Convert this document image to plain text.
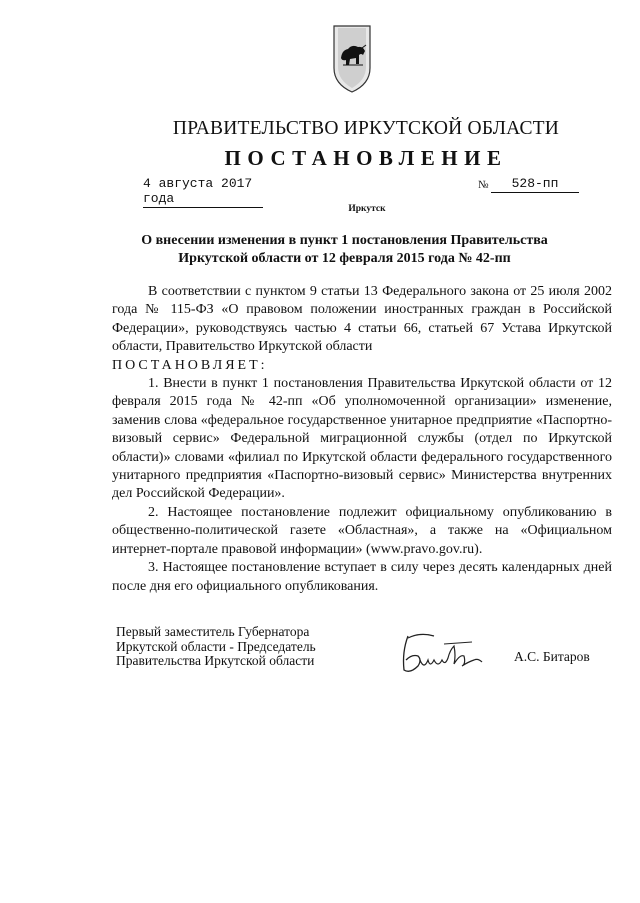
ПРАВИТЕЛЬСТВО ИРКУТСКОЙ ОБЛАСТИ
ПОСТАНОВЛЕНИЕ
4 августа 2017 года
№	528-пп
Иркутск
О внесении изменения в пункт 1 постановления Правительства
Иркутской области от 12 февраля 2015 года № 42-пп

В соответствии с пунктом 9 статьи 13 Федерального закона от 25 июля 2002 года № 115-ФЗ «О правовом положении иностранных граждан в Российской Федерации», руководствуясь частью 4 статьи 66, статьей 67 Устава Иркутской области, Правительство Иркутской области

ПОСТАНОВЛЯЕТ:

1. Внести в пункт 1 постановления Правительства Иркутской области от 12 февраля 2015 года № 42-пп «Об уполномоченной организации» изменение, заменив слова «федеральное государственное унитарное предприятие «Паспортно-визовый сервис» Федеральной миграционной службы (отдел по Иркутской области)» словами «филиал по Иркутской области федерального государственного унитарного предприятия «Паспортно-визовый сервис» Министерства внутренних дел Российской Федерации».

2. Настоящее постановление подлежит официальному опубликованию в общественно-политической газете «Областная», а также на «Официальном интернет-портале правовой информации» (www.pravo.gov.ru).

3. Настоящее постановление вступает в силу через десять календарных дней после дня его официального опубликования.

Первый заместитель Губернатора
Иркутской области - Председатель
Правительства Иркутской области	А.С. Битаров
